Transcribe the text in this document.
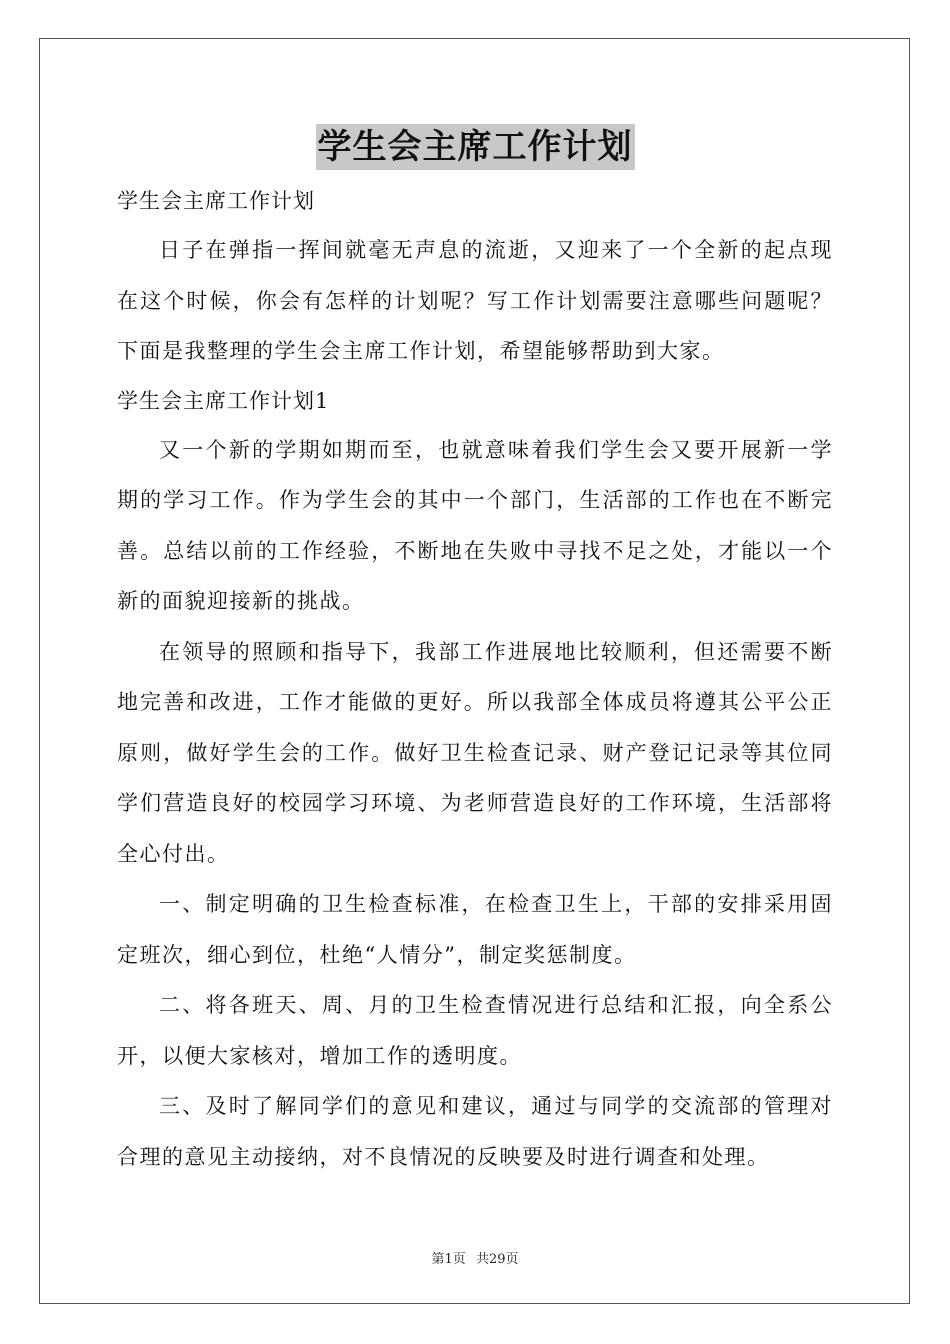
学生会主席工作计划

学生会主席工作计划

日子在弹指一挥间就毫无声息的流逝，又迎来了一个全新的起点现在这个时候，你会有怎样的计划呢？写工作计划需要注意哪些问题呢？下面是我整理的学生会主席工作计划，希望能够帮助到大家。

学生会主席工作计划1

又一个新的学期如期而至，也就意味着我们学生会又要开展新一学期的学习工作。作为学生会的其中一个部门，生活部的工作也在不断完善。总结以前的工作经验，不断地在失败中寻找不足之处，才能以一个新的面貌迎接新的挑战。

在领导的照顾和指导下，我部工作进展地比较顺利，但还需要不断地完善和改进，工作才能做的更好。所以我部全体成员将遵其公平公正原则，做好学生会的工作。做好卫生检查记录、财产登记记录等其位同学们营造良好的校园学习环境、为老师营造良好的工作环境，生活部将全心付出。

一、制定明确的卫生检查标准，在检查卫生上，干部的安排采用固定班次，细心到位，杜绝“人情分”，制定奖惩制度。

二、将各班天、周、月的卫生检查情况进行总结和汇报，向全系公开，以便大家核对，增加工作的透明度。

三、及时了解同学们的意见和建议，通过与同学的交流部的管理对合理的意见主动接纳，对不良情况的反映要及时进行调查和处理。

第1页 共29页
